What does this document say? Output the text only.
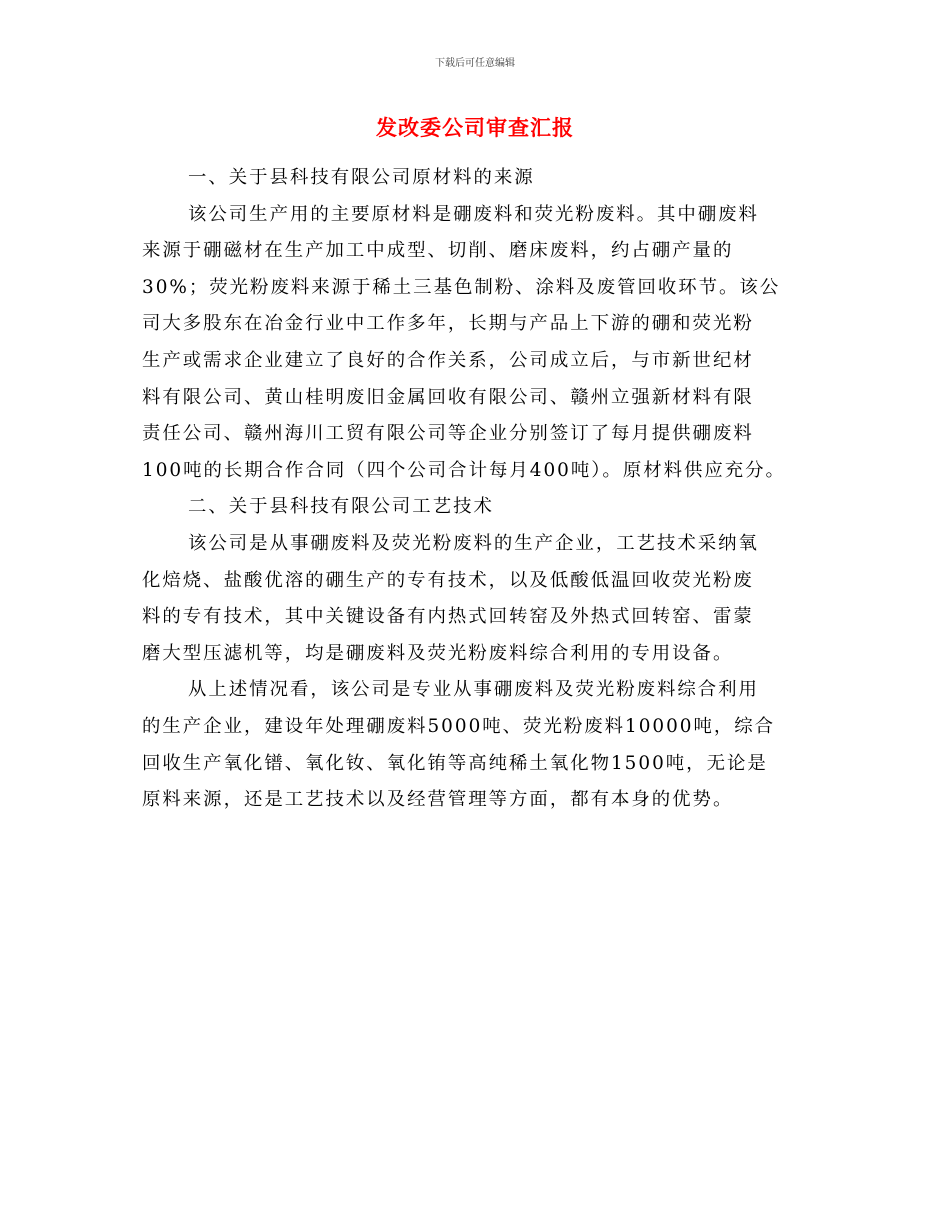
下载后可任意编辑
发改委公司审查汇报
一、关于县科技有限公司原材料的来源
该公司生产用的主要原材料是硼废料和荧光粉废料。其中硼废料
来源于硼磁材在生产加工中成型、切削、磨床废料，约占硼产量的
30%；荧光粉废料来源于稀土三基色制粉、涂料及废管回收环节。该公
司大多股东在冶金行业中工作多年，长期与产品上下游的硼和荧光粉
生产或需求企业建立了良好的合作关系，公司成立后，与市新世纪材
料有限公司、黄山桂明废旧金属回收有限公司、赣州立强新材料有限
责任公司、赣州海川工贸有限公司等企业分别签订了每月提供硼废料
100吨的长期合作合同（四个公司合计每月400吨）。原材料供应充分。
二、关于县科技有限公司工艺技术
该公司是从事硼废料及荧光粉废料的生产企业，工艺技术采纳氧
化焙烧、盐酸优溶的硼生产的专有技术，以及低酸低温回收荧光粉废
料的专有技术，其中关键设备有内热式回转窑及外热式回转窑、雷蒙
磨大型压滤机等，均是硼废料及荧光粉废料综合利用的专用设备。
从上述情况看，该公司是专业从事硼废料及荧光粉废料综合利用
的生产企业，建设年处理硼废料5000吨、荧光粉废料10000吨，综合
回收生产氧化镨、氧化钕、氧化铕等高纯稀土氧化物1500吨，无论是
原料来源，还是工艺技术以及经营管理等方面，都有本身的优势。
